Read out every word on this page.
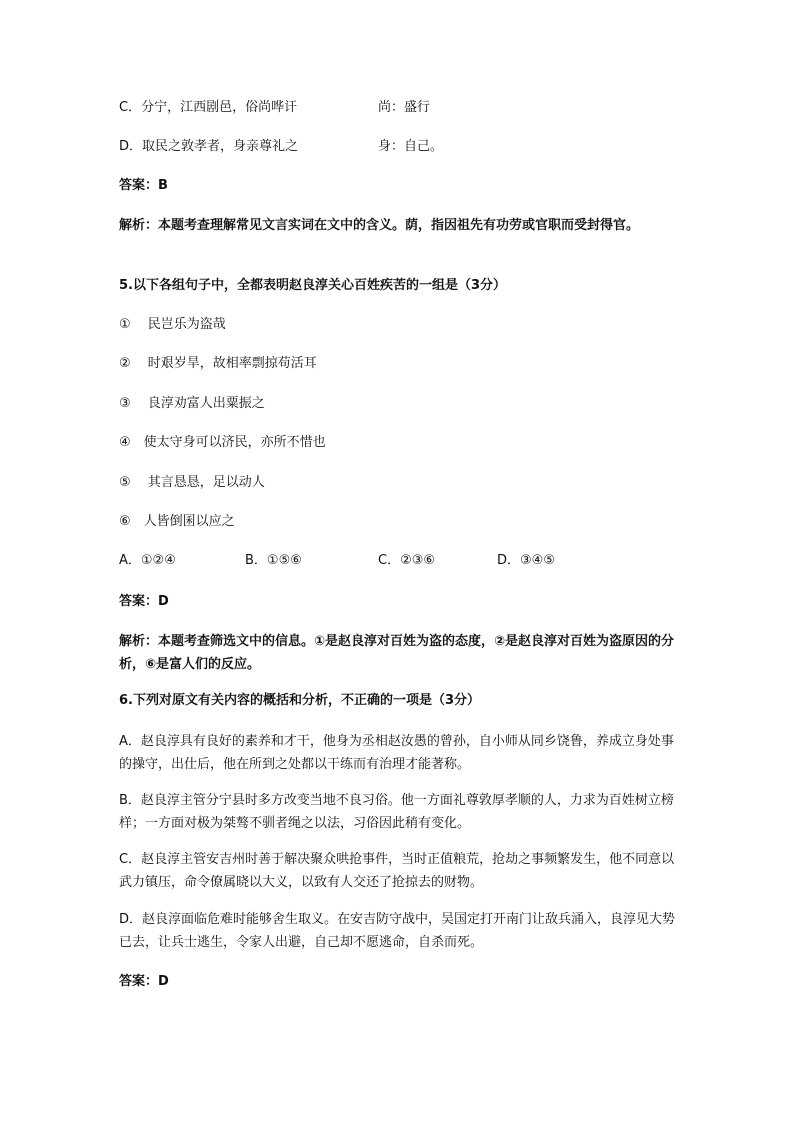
C．分宁，江西剧邑，俗尚哗讦	尚：盛行
D．取民之敦孝者，身亲尊礼之	身：自己。
答案：B
解析：本题考查理解常见文言实词在文中的含义。荫，指因祖先有功劳或官职而受封得官。
5.以下各组句子中，全都表明赵良淳关心百姓疾苦的一组是（3分）
①　 民岂乐为盗哉
②　 时艰岁旱，故相率剽掠苟活耳
③　 良淳劝富人出粟振之
④　使太守身可以济民，亦所不惜也
⑤　 其言恳恳，足以动人
⑥　人皆倒囷以应之
A．①②④	B．①⑤⑥	C．②③⑥	D．③④⑤
答案：D
解析：本题考查筛选文中的信息。①是赵良淳对百姓为盗的态度，②是赵良淳对百姓为盗原因的分析，⑥是富人们的反应。
6.下列对原文有关内容的概括和分析，不正确的一项是（3分）
A．赵良淳具有良好的素养和才干，他身为丞相赵汝愚的曾孙，自小师从同乡饶鲁，养成立身处事的操守，出仕后，他在所到之处都以干练而有治理才能著称。
B．赵良淳主管分宁县时多方改变当地不良习俗。他一方面礼尊敦厚孝顺的人，力求为百姓树立榜样；一方面对极为桀骜不驯者绳之以法，习俗因此稍有变化。
C．赵良淳主管安吉州时善于解决聚众哄抢事件，当时正值粮荒，抢劫之事频繁发生，他不同意以武力镇压，命令僚属晓以大义，以致有人交还了抢掠去的财物。
D．赵良淳面临危难时能够舍生取义。在安吉防守战中，吴国定打开南门让敌兵涌入，良淳见大势已去，让兵士逃生，令家人出避，自己却不愿逃命，自杀而死。
答案：D
